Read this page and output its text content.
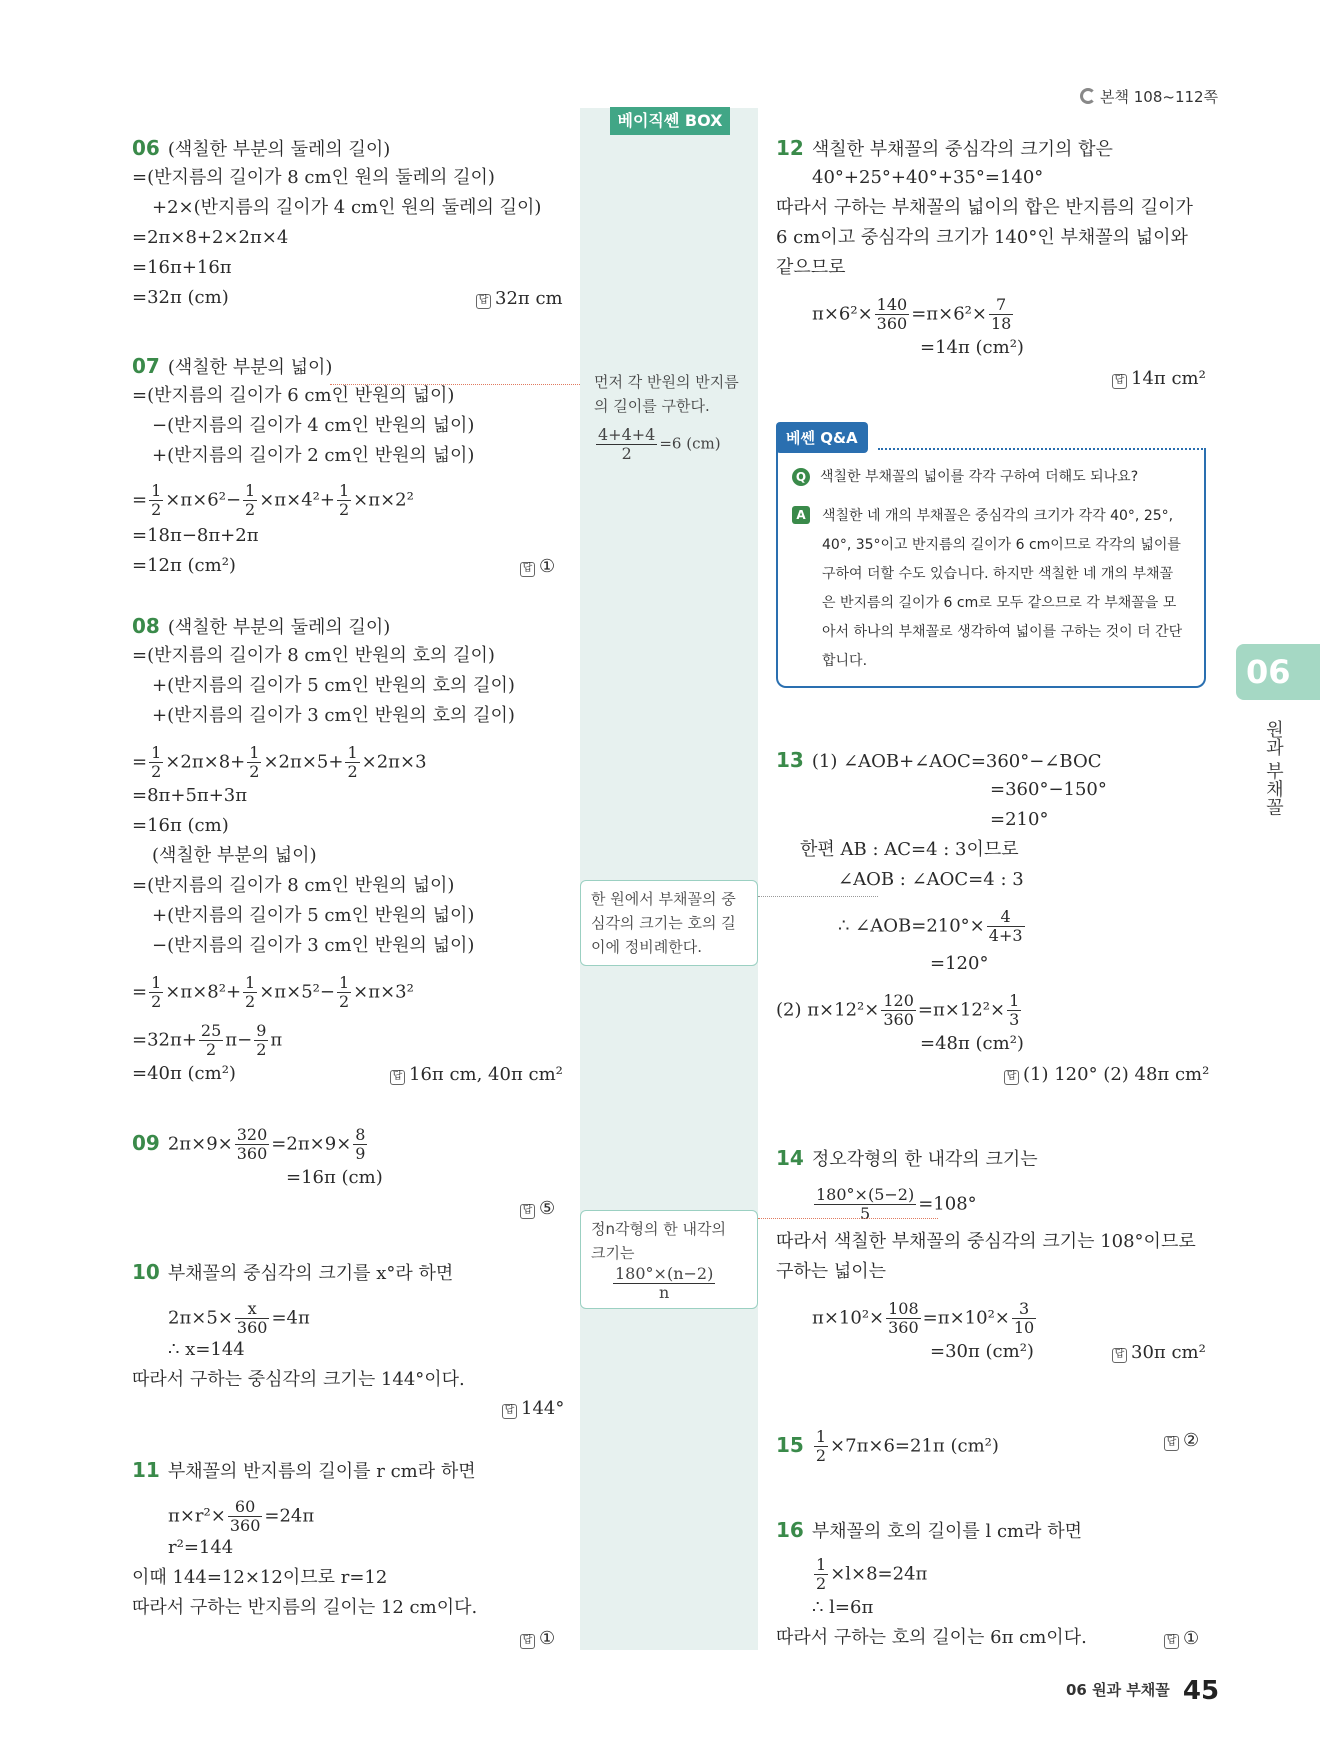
본책 108~112쪽
베이직쎈 BOX
06 (색칠한 부분의 둘레의 길이)
=(반지름의 길이가 8 cm인 원의 둘레의 길이)
+2×(반지름의 길이가 4 cm인 원의 둘레의 길이)
=2π×8+2×2π×4
=16π+16π
=32π (cm)	답 32π cm
07 (색칠한 부분의 넓이)
=(반지름의 길이가 6 cm인 반원의 넓이)
−(반지름의 길이가 4 cm인 반원의 넓이)
+(반지름의 길이가 2 cm인 반원의 넓이)
= $\frac{1}{2} \times\pi\times 6^2- \frac{1}{2} \times\pi\times 4^2+ \frac{1}{2} \times\pi\times 2^2$
=18π−8π+2π
=12π (cm²)	답 ①
먼저 각 반원의 반지름
의 길이를 구한다.
$\frac{4+4+4}{2} =6$ (cm)
08 (색칠한 부분의 둘레의 길이)
=(반지름의 길이가 8 cm인 반원의 호의 길이)
+(반지름의 길이가 5 cm인 반원의 호의 길이)
+(반지름의 길이가 3 cm인 반원의 호의 길이)
= $\frac{1}{2} \times 2\pi\times 8+ \frac{1}{2} \times 2\pi\times 5+ \frac{1}{2} \times 2\pi\times 3$
=8π+5π+3π
=16π (cm)
(색칠한 부분의 넓이)
=(반지름의 길이가 8 cm인 반원의 넓이)
+(반지름의 길이가 5 cm인 반원의 넓이)
−(반지름의 길이가 3 cm인 반원의 넓이)
= $\frac{1}{2} \times\pi\times 8^2+ \frac{1}{2} \times\pi\times 5^2- \frac{1}{2} \times\pi\times 3^2$
$=32\pi+ \frac{25}{2} \pi- \frac{9}{2}$ π
=40π (cm²)	답 16π cm, 40π cm²
한 원에서 부채꼴의 중
심각의 크기는 호의 길
이에 정비례한다.
09 $2\pi\times 9\times \frac{320}{360} =2\pi\times 9\times \frac{8}{9}$
=16π (cm)
답 ⑤
정n각형의 한 내각의
크기는
$\frac{180^\circ\times(n-2)}{n}$
10 부채꼴의 중심각의 크기를 x°라 하면
$2\pi\times 5\times \frac{x}{360} =4\pi$
∴ x=144
따라서 구하는 중심각의 크기는 144°이다.
답 144°
11 부채꼴의 반지름의 길이를 r cm라 하면
$\pi\times r^2\times \frac{60}{360} =24\pi$
r²=144
이때 144=12×12이므로 r=12
따라서 구하는 반지름의 길이는 12 cm이다.
답 ①
12 색칠한 부채꼴의 중심각의 크기의 합은
40°+25°+40°+35°=140°
따라서 구하는 부채꼴의 넓이의 합은 반지름의 길이가
6 cm이고 중심각의 크기가 140°인 부채꼴의 넓이와
같으므로
$\pi\times 6^2\times \frac{140}{360} =\pi\times 6^2\times \frac{7}{18}$
=14π (cm²)
답 14π cm²
베쎈 Q&A
Q 색칠한 부채꼴의 넓이를 각각 구하여 더해도 되나요?
A	색칠한 네 개의 부채꼴은 중심각의 크기가 각각 40°, 25°,
40°, 35°이고 반지름의 길이가 6 cm이므로 각각의 넓이를
구하여 더할 수도 있습니다. 하지만 색칠한 네 개의 부채꼴
은 반지름의 길이가 6 cm로 모두 같으므로 각 부채꼴을 모
아서 하나의 부채꼴로 생각하여 넓이를 구하는 것이 더 간단
합니다.	06
원과 부채꼴
13 (1) ∠AOB+∠AOC=360°−∠BOC
=360°−150°
=210°
한편 AB : AC=4 : 3이므로
∠AOB : ∠AOC=4 : 3
∴ ∠AOB=210°× $\frac{4}{4+3}$
=120°
(2) $\pi\times 12^2\times \frac{120}{360} =\pi\times 12^2\times \frac{1}{3}$
=48π (cm²)
답 (1) 120° (2) 48π cm²
14 정오각형의 한 내각의 크기는
$\frac{180^\circ\times(5-2)}{5} =108^\circ$
따라서 색칠한 부채꼴의 중심각의 크기는 108°이므로
구하는 넓이는
$\pi\times 10^2\times \frac{108}{360} =\pi\times 10^2\times \frac{3}{10}$
=30π (cm²)	답 30π cm²
$15 \frac{1}{2} \times 7\pi\times 6=21\pi$ (cm²)	답 ②
16 부채꼴의 호의 길이를 l cm라 하면
$\frac{1}{2} \times l\times 8=24\pi$
∴ l=6π
따라서 구하는 호의 길이는 6π cm이다.	답 ①
06 원과 부채꼴 45
